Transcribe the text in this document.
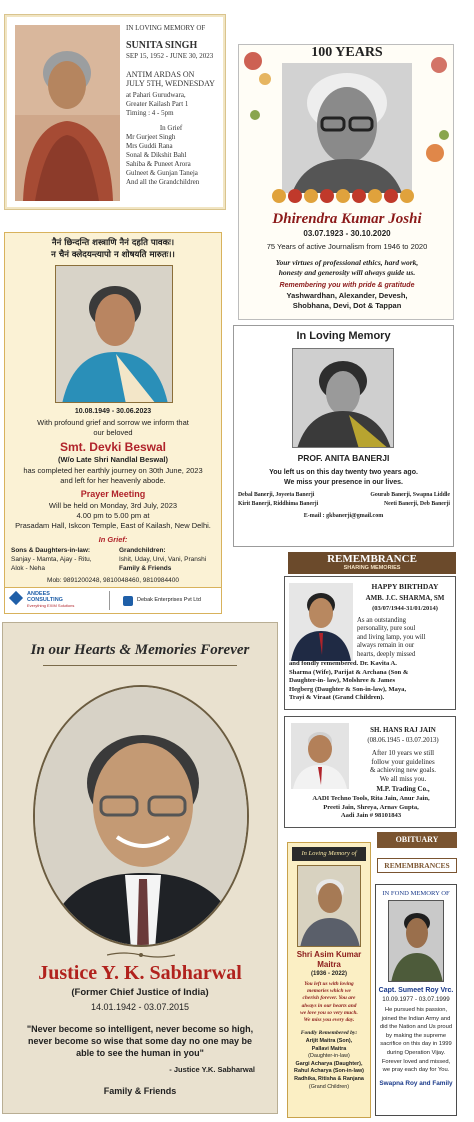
IN LOVING MEMORY OF
SUNITA SINGH
SEP 15, 1952 - JUNE 30, 2023
ANTIM ARDAS ON
JULY 5TH, WEDNESDAY
at Pahari Gurudwara,
Greater Kailash Part 1
Timing : 4 - 5pm
In Grief
Mr Gurjeet Singh
Mrs Guddi Rana
Sonal & Dikshit Bahl
Sahiba & Puneet Arora
Gulneet & Gunjan Taneja
And all the Grandchildren
100 YEARS
Dhirendra Kumar Joshi
03.07.1923 - 30.10.2020
75 Years of active Journalism from 1946 to 2020
Your virtues of professional ethics, hard work,
honesty and generosity will always guide us.
Remembering you with pride & gratitude
Yashwardhan, Alexander, Devesh,
Shobhana, Devi, Dot & Tappan
नैनं छिन्दन्ति शस्त्राणि नैनं दहति पावकः।
न चैनं क्लेदयन्त्यापो न शोषयति मारुतः।।
10.08.1949 - 30.06.2023
With profound grief and sorrow we inform that
our beloved
Smt. Devki Beswal
(W/o Late Shri Nandlal Beswal)
has completed her earthly journey on 30th June, 2023
and left for her heavenly abode.
Prayer Meeting
Will be held on Monday, 3rd July, 2023
4.00 pm to 5.00 pm at
Prasadam Hall, Iskcon Temple, East of Kailash, New Delhi.
In Grief:
Sons & Daughters-in-law:
Sanjay - Mamta, Ajay - Ritu,
Alok - Neha
Grandchildren:
Ishit, Uday, Urvi, Vani, Pranshi
Family & Friends
Mob: 9891200248, 9810048460, 9810984400
ANDEES
CONSULTING
Everything EXIM Solutions
Debak Enterprises Pvt Ltd
In Loving Memory
PROF. ANITA BANERJI
You left us on this day twenty two years ago.
We miss your presence in our lives.
Debal Banerji, Joyeeta Banerji
Kirit Banerji, Riddhima Banerji
Gourab Banerji, Swapna Liddle
Neeti Banerji, Deb Banerji
E-mail : gkbanerji@gmail.com
REMEMBRANCE
SHARING MEMORIES
OBITUARY
REMEMBRANCES
HAPPY BIRTHDAY
AMB. J.C. SHARMA, SM
(03/07/1944-31/01/2014)
As an outstanding
personality, pure soul
and living lamp, you will
always remain in our
hearts, deeply missed
and fondly remembered. Dr. Kavita A.
Sharma (Wife), Parijat & Archana (Son &
Daughter-in- law), Molshree & James
Hegberg (Daughter & Son-in-law), Maya,
Trayi & Viraat (Grand Children).
SH. HANS RAJ JAIN
(08.06.1945 - 03.07.2013)
After 10 years we still
follow your guidelines
& achieving new goals.
We all miss you.
M.P. Trading Co.,
AADI Techno Tools, Rita Jain, Anur Jain,
Preeti Jain, Shreya, Arnav Gupta,
Aadi Jain # 98101843
In our Hearts & Memories Forever
Justice Y. K. Sabharwal
(Former Chief Justice of India)
14.01.1942 - 03.07.2015
"Never become so intelligent, never become so high,
never become so wise that some day no one may be
able to see the human in you"
- Justice Y.K. Sabharwal
Family & Friends
In Loving Memory of
Shri Asim Kumar
Maitra
(1936 - 2022)
You left us with loving
memories which we
cherish forever. You are
always in our hearts and
we love you so very much.
We miss you every day.
Fondly Remembered by:
Arijit Maitra (Son),
Pallavi Maitra
(Daughter-in-law)
Gargi Acharya (Daughter),
Rahul Acharya (Son-in-law)
Radhika, Ritisha & Ranjana
(Grand Children)
IN FOND MEMORY OF
Capt. Sumeet Roy Vrc.
10.09.1977 - 03.07.1999
He pursued his passion,
joined the Indian Army and
did the Nation and Us proud
by making the supreme
sacrifice on this day in 1999
during Operation Vijay.
Forever loved and missed,
we pray each day for You.
Swapna Roy and Family
